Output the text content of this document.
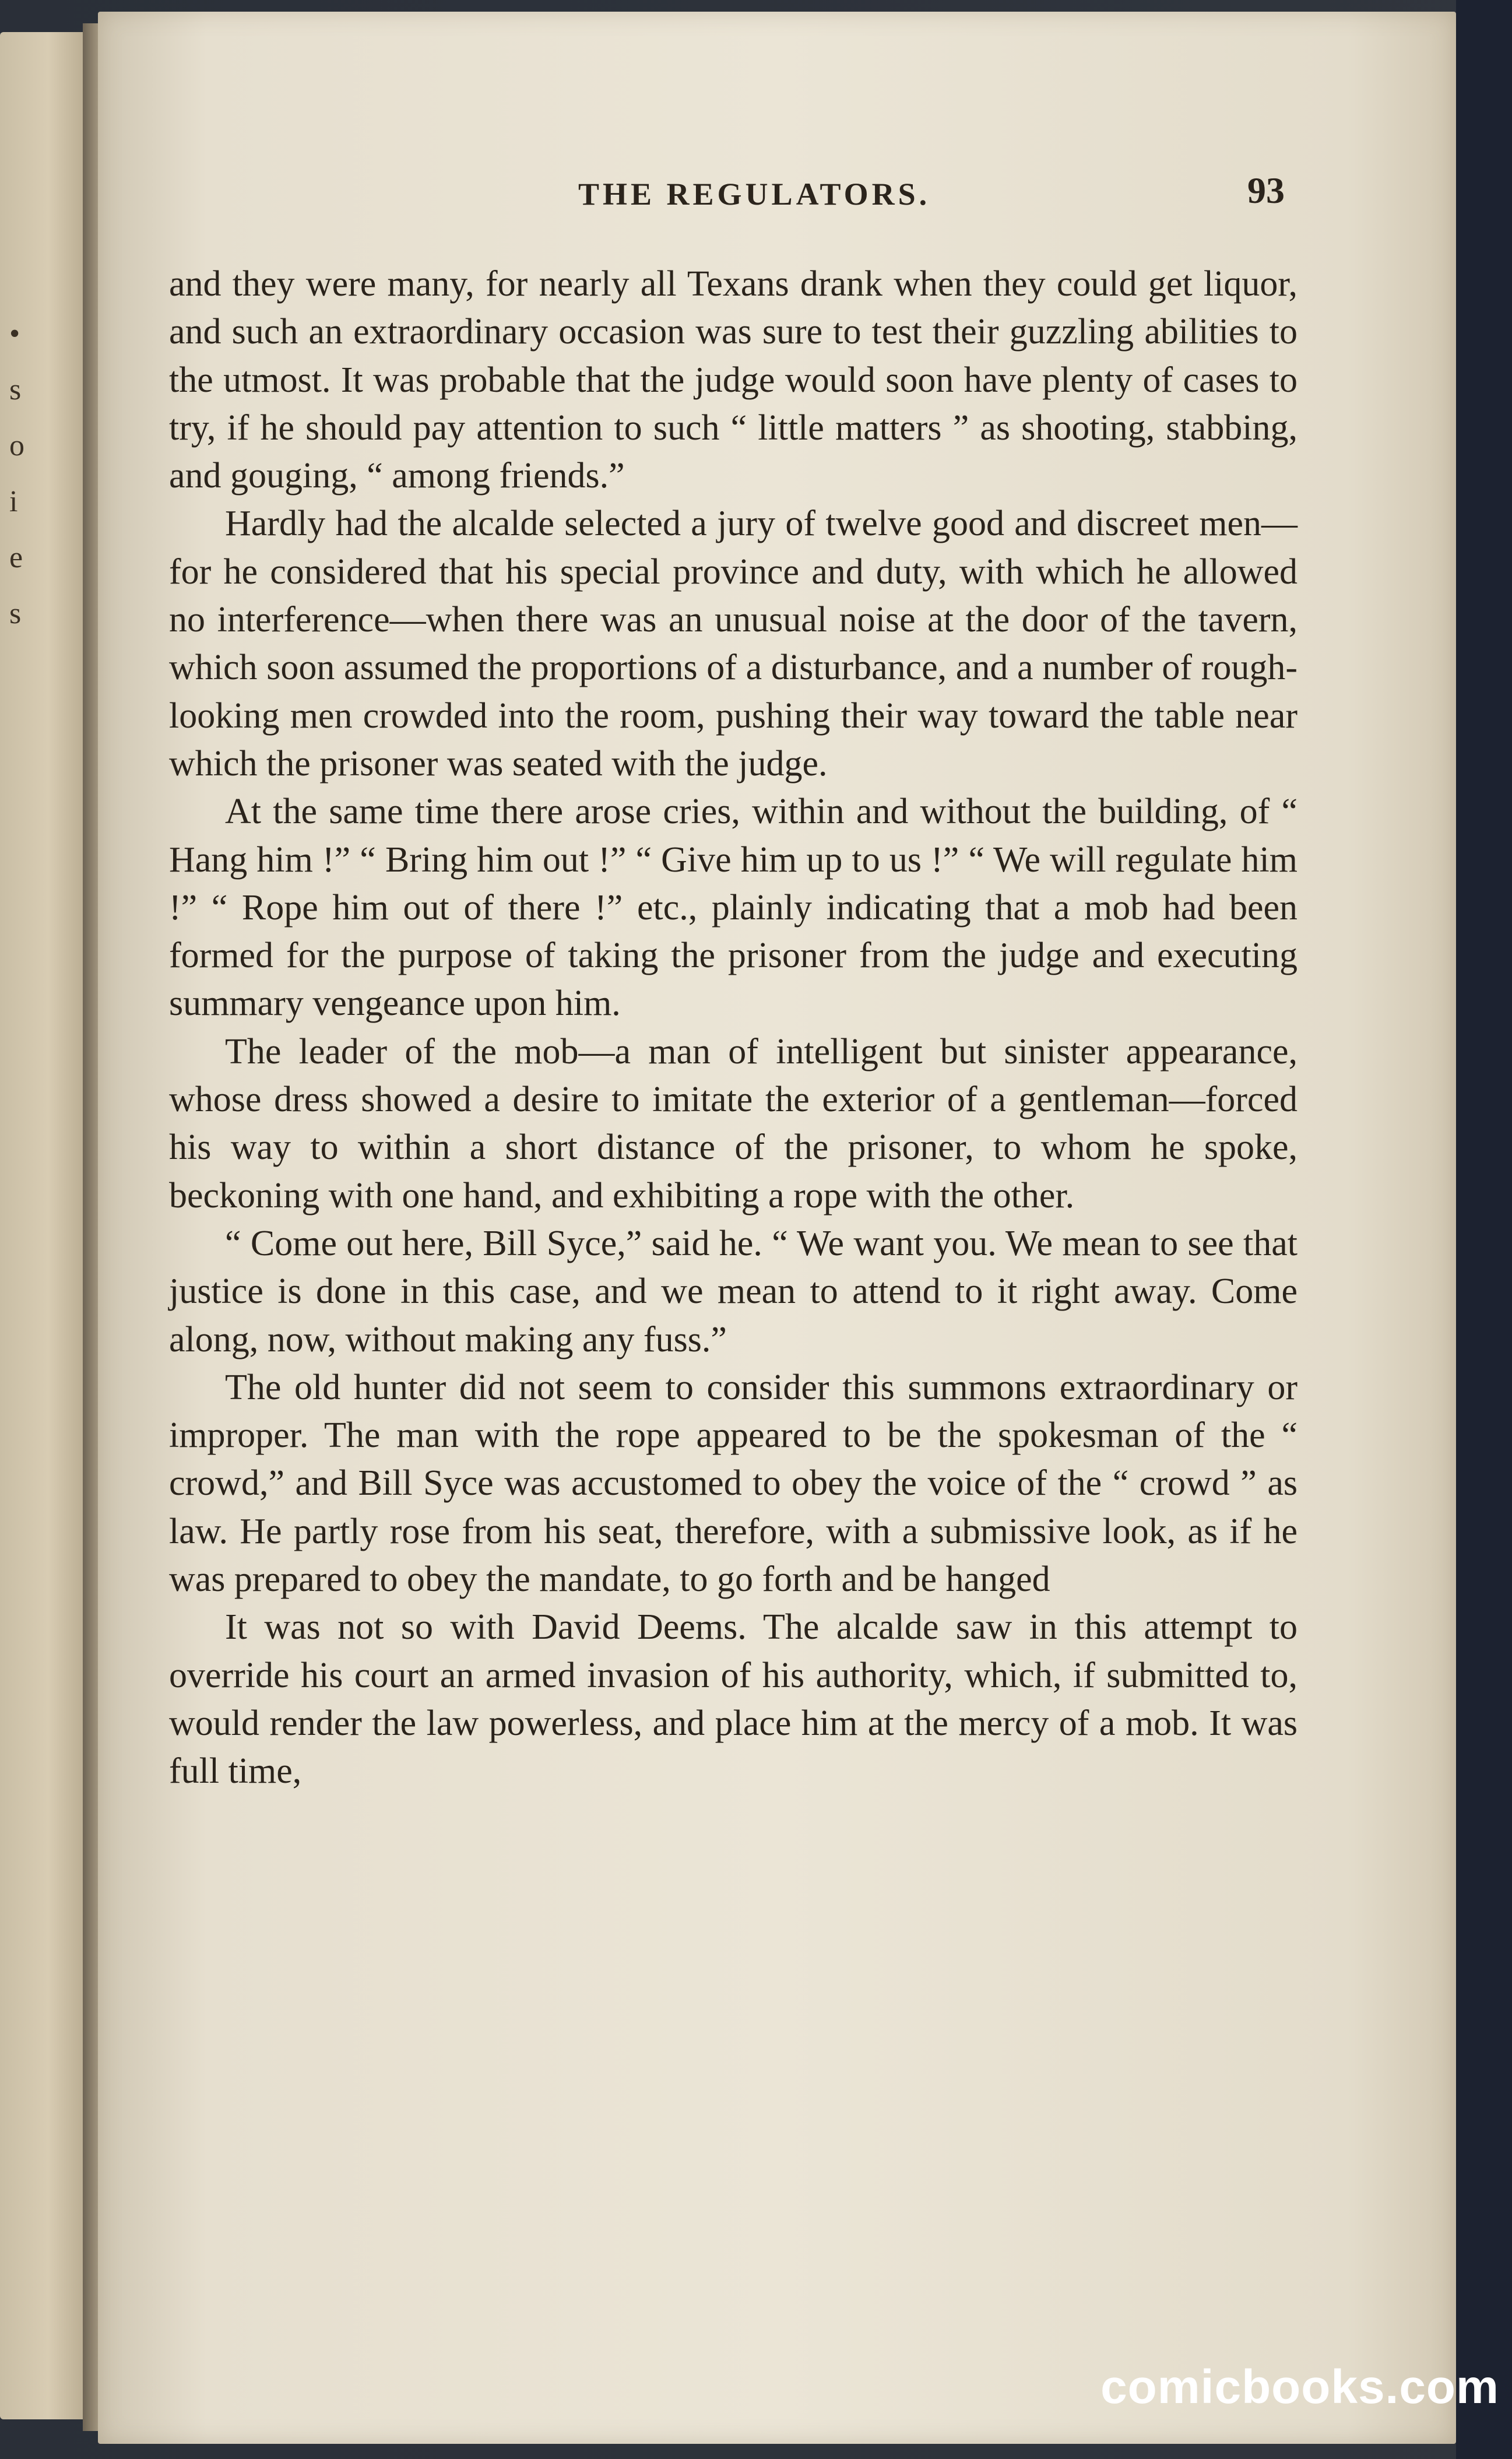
•
s
o
i
e
s
THE REGULATORS.	93

and they were many, for nearly all Texans drank when they could get liquor, and such an extraordinary occasion was sure to test their guzzling abilities to the utmost. It was probable that the judge would soon have plenty of cases to try, if he should pay attention to such “ little matters ” as shooting, stabbing, and gouging, “ among friends.”

Hardly had the alcalde selected a jury of twelve good and discreet men—for he considered that his special province and duty, with which he allowed no interference—when there was an unusual noise at the door of the tavern, which soon assumed the proportions of a disturbance, and a number of rough-looking men crowded into the room, pushing their way toward the table near which the prisoner was seated with the judge.

At the same time there arose cries, within and without the building, of “ Hang him !” “ Bring him out !” “ Give him up to us !” “ We will regulate him !” “ Rope him out of there !” etc., plainly indicating that a mob had been formed for the purpose of taking the prisoner from the judge and executing summary vengeance upon him.

The leader of the mob—a man of intelligent but sinister appearance, whose dress showed a desire to imitate the exterior of a gentleman—forced his way to within a short distance of the prisoner, to whom he spoke, beckoning with one hand, and exhibiting a rope with the other.

“ Come out here, Bill Syce,” said he. “ We want you. We mean to see that justice is done in this case, and we mean to attend to it right away. Come along, now, without making any fuss.”

The old hunter did not seem to consider this summons extraordinary or improper. The man with the rope appeared to be the spokesman of the “ crowd,” and Bill Syce was accustomed to obey the voice of the “ crowd ” as law. He partly rose from his seat, therefore, with a submissive look, as if he was prepared to obey the mandate, to go forth and be hanged

It was not so with David Deems. The alcalde saw in this attempt to override his court an armed invasion of his authority, which, if submitted to, would render the law powerless, and place him at the mercy of a mob. It was full time,

comicbooks.com
